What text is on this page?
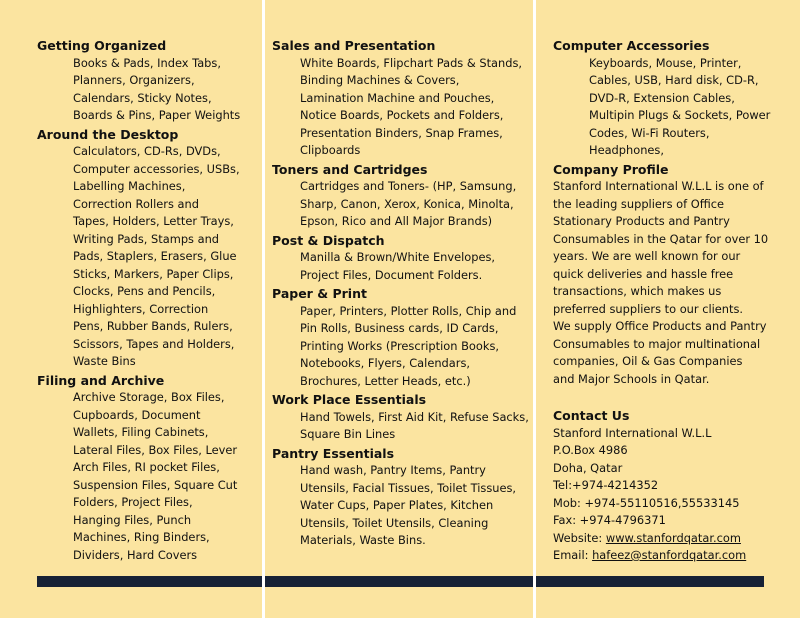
Getting Organized
Books & Pads, Index Tabs,
Planners, Organizers,
Calendars, Sticky Notes,
Boards & Pins, Paper Weights
Around the Desktop
Calculators, CD-Rs, DVDs,
Computer accessories, USBs,
Labelling Machines,
Correction Rollers and
Tapes, Holders, Letter Trays,
Writing Pads, Stamps and
Pads, Staplers, Erasers, Glue
Sticks, Markers, Paper Clips,
Clocks, Pens and Pencils,
Highlighters, Correction
Pens, Rubber Bands, Rulers,
Scissors, Tapes and Holders,
Waste Bins
Filing and Archive
Archive Storage, Box Files,
Cupboards, Document
Wallets, Filing Cabinets,
Lateral Files, Box Files, Lever
Arch Files, RI pocket Files,
Suspension Files, Square Cut
Folders, Project Files,
Hanging Files, Punch
Machines, Ring Binders,
Dividers, Hard Covers
Sales and Presentation
White Boards, Flipchart Pads & Stands,
Binding Machines & Covers,
Lamination Machine and Pouches,
Notice Boards, Pockets and Folders,
Presentation Binders, Snap Frames,
Clipboards
Toners and Cartridges
Cartridges and Toners- (HP, Samsung,
Sharp, Canon, Xerox, Konica, Minolta,
Epson, Rico and All Major Brands)
Post & Dispatch
Manilla & Brown/White Envelopes,
Project Files, Document Folders.
Paper & Print
Paper, Printers, Plotter Rolls, Chip and
Pin Rolls, Business cards, ID Cards,
Printing Works (Prescription Books,
Notebooks, Flyers, Calendars,
Brochures, Letter Heads, etc.)
Work Place Essentials
Hand Towels, First Aid Kit, Refuse Sacks,
Square Bin Lines
Pantry Essentials
Hand wash, Pantry Items, Pantry
Utensils, Facial Tissues, Toilet Tissues,
Water Cups, Paper Plates, Kitchen
Utensils, Toilet Utensils, Cleaning
Materials, Waste Bins.
Computer Accessories
Keyboards, Mouse, Printer,
Cables, USB, Hard disk, CD-R,
DVD-R, Extension Cables,
Multipin Plugs & Sockets, Power
Codes, Wi-Fi Routers,
Headphones,
Company Profile
Stanford International W.L.L is one of
the leading suppliers of Office
Stationary Products and Pantry
Consumables in the Qatar for over 10
years. We are well known for our
quick deliveries and hassle free
transactions, which makes us
preferred suppliers to our clients.
We supply Office Products and Pantry
Consumables to major multinational
companies, Oil & Gas Companies
and Major Schools in Qatar.
Contact Us
Stanford International W.L.L
P.O.Box 4986
Doha, Qatar
Tel:+974-4214352
Mob: +974-55110516,55533145
Fax: +974-4796371
Website: www.stanfordqatar.com
Email: hafeez@stanfordqatar.com
